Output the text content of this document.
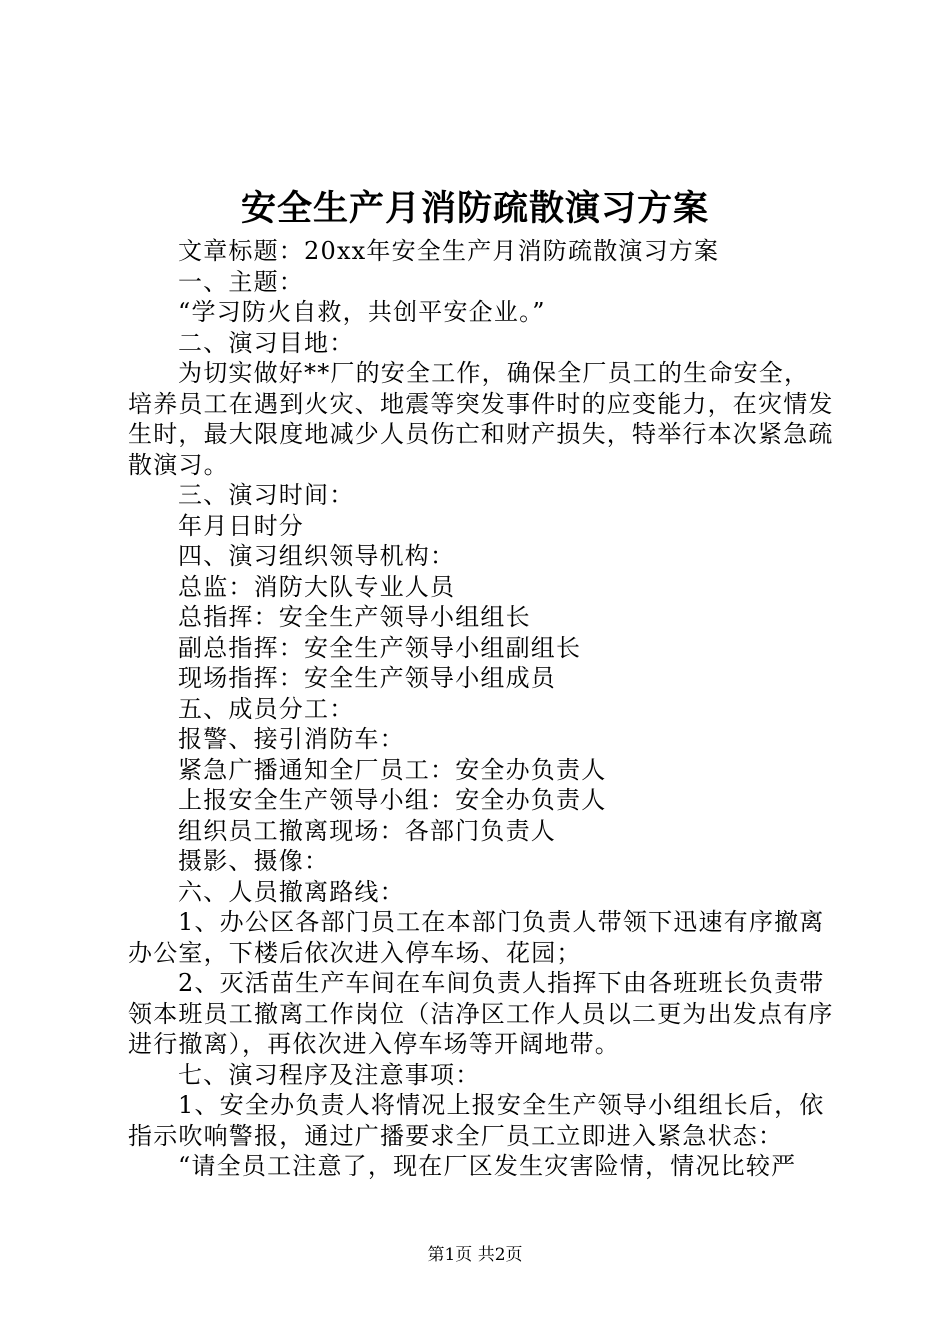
安全生产月消防疏散演习方案

文章标题：20xx年安全生产月消防疏散演习方案

一、主题：

“学习防火自救，共创平安企业。”

二、演习目地：

为切实做好**厂的安全工作，确保全厂员工的生命安全，培养员工在遇到火灾、地震等突发事件时的应变能力，在灾情发生时，最大限度地减少人员伤亡和财产损失，特举行本次紧急疏散演习。

三、演习时间：

年月日时分

四、演习组织领导机构：

总监：消防大队专业人员

总指挥：安全生产领导小组组长

副总指挥：安全生产领导小组副组长

现场指挥：安全生产领导小组成员

五、成员分工：

报警、接引消防车：

紧急广播通知全厂员工：安全办负责人

上报安全生产领导小组：安全办负责人

组织员工撤离现场：各部门负责人

摄影、摄像：

六、人员撤离路线：

1、办公区各部门员工在本部门负责人带领下迅速有序撤离办公室，下楼后依次进入停车场、花园；

2、灭活苗生产车间在车间负责人指挥下由各班班长负责带领本班员工撤离工作岗位（洁净区工作人员以二更为出发点有序进行撤离），再依次进入停车场等开阔地带。

七、演习程序及注意事项：

1、安全办负责人将情况上报安全生产领导小组组长后，依指示吹响警报，通过广播要求全厂员工立即进入紧急状态：

“请全员工注意了，现在厂区发生灾害险情，情况比较严

第1页 共2页
